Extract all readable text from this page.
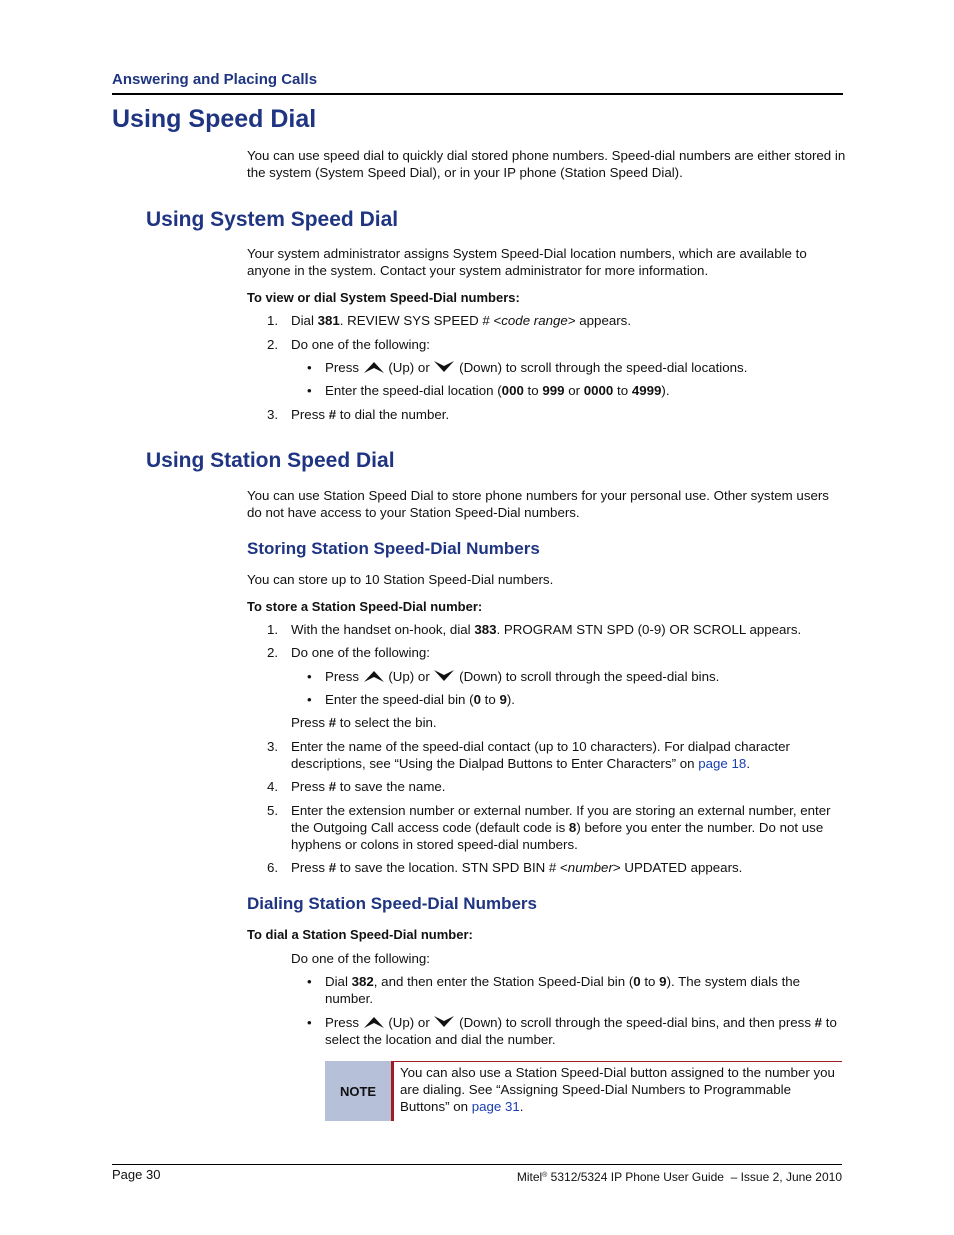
Answering and Placing Calls
Using Speed Dial
You can use speed dial to quickly dial stored phone numbers. Speed-dial numbers are either stored in the system (System Speed Dial), or in your IP phone (Station Speed Dial).
Using System Speed Dial
Your system administrator assigns System Speed-Dial location numbers, which are available to anyone in the system. Contact your system administrator for more information.
To view or dial System Speed-Dial numbers:
1. Dial 381. REVIEW SYS SPEED # <code range> appears.
2. Do one of the following:
• Press  (Up) or  (Down) to scroll through the speed-dial locations.
• Enter the speed-dial location (000 to 999 or 0000 to 4999).
3. Press # to dial the number.
Using Station Speed Dial
You can use Station Speed Dial to store phone numbers for your personal use. Other system users do not have access to your Station Speed-Dial numbers.
Storing Station Speed-Dial Numbers
You can store up to 10 Station Speed-Dial numbers.
To store a Station Speed-Dial number:
1. With the handset on-hook, dial 383. PROGRAM STN SPD (0-9) OR SCROLL appears.
2. Do one of the following:
• Press  (Up) or  (Down) to scroll through the speed-dial bins.
• Enter the speed-dial bin (0 to 9).
Press # to select the bin.
3. Enter the name of the speed-dial contact (up to 10 characters). For dialpad character descriptions, see “Using the Dialpad Buttons to Enter Characters” on page 18.
4. Press # to save the name.
5. Enter the extension number or external number. If you are storing an external number, enter the Outgoing Call access code (default code is 8) before you enter the number. Do not use hyphens or colons in stored speed-dial numbers.
6. Press # to save the location. STN SPD BIN # <number> UPDATED appears.
Dialing Station Speed-Dial Numbers
To dial a Station Speed-Dial number:
Do one of the following:
• Dial 382, and then enter the Station Speed-Dial bin (0 to 9). The system dials the number.
• Press  (Up) or  (Down) to scroll through the speed-dial bins, and then press # to select the location and dial the number.
NOTE
You can also use a Station Speed-Dial button assigned to the number you are dialing. See “Assigning Speed-Dial Numbers to Programmable Buttons” on page 31.
Page 30	Mitel® 5312/5324 IP Phone User Guide  – Issue 2, June 2010
